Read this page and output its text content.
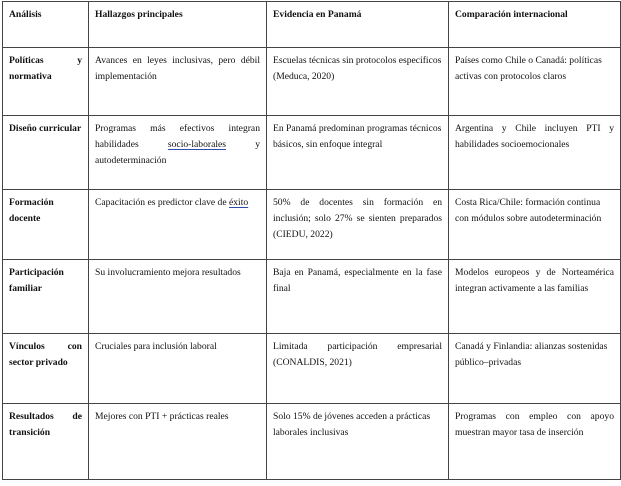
Análisis	Hallazgos principales	Evidencia en Panamá	Comparación internacional
Políticas y normativa	Avances en leyes inclusivas, pero débil implementación	Escuelas técnicas sin protocolos específicos (Meduca, 2020)	Países como Chile o Canadá: políticas activas con protocolos claros
Diseño curricular	Programas más efectivos integran habilidades socio-laborales y autodeterminación	En Panamá predominan programas técnicos básicos, sin enfoque integral	Argentina y Chile incluyen PTI y habilidades socioemocionales
Formación docente	Capacitación es predictor clave de éxito	50% de docentes sin formación en inclusión; solo 27% se sienten preparados (CIEDU, 2022)	Costa Rica/Chile: formación continua con módulos sobre autodeterminación
Participación familiar	Su involucramiento mejora resultados	Baja en Panamá, especialmente en la fase final	Modelos europeos y de Norteamérica integran activamente a las familias
Vínculos con sector privado	Cruciales para inclusión laboral	Limitada participación empresarial (CONALDIS, 2021)	Canadá y Finlandia: alianzas sostenidas público–privadas
Resultados de transición	Mejores con PTI + prácticas reales	Solo 15% de jóvenes acceden a prácticas laborales inclusivas	Programas con empleo con apoyo muestran mayor tasa de inserción
